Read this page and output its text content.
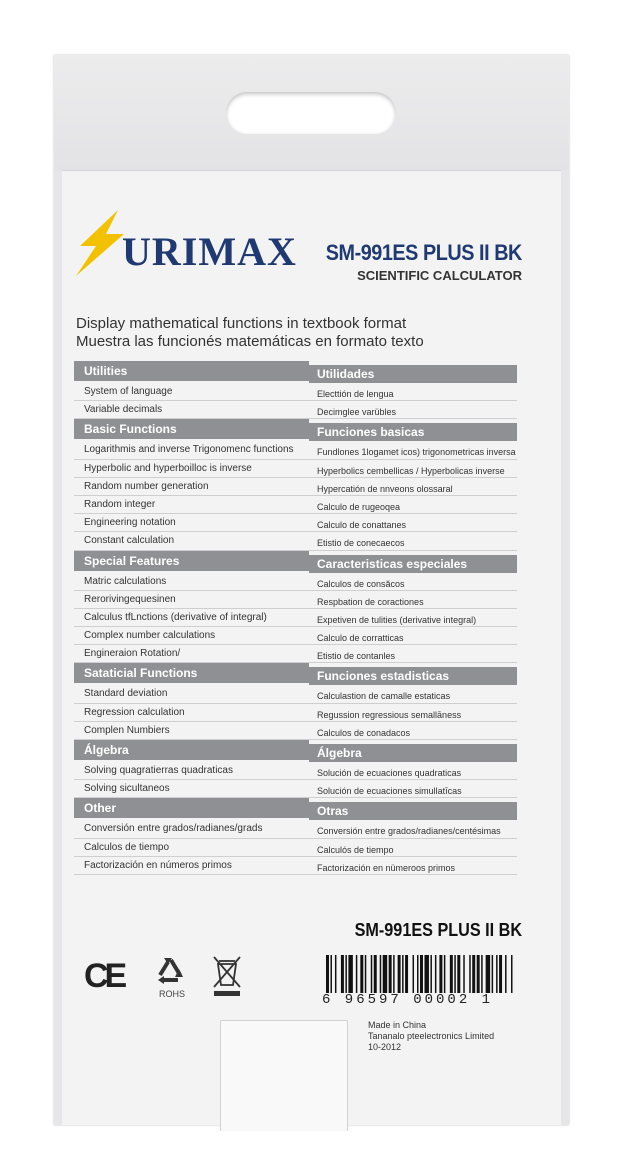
URIMAX SM-991ES PLUS II BK
SCIENTIFIC CALCULATOR
Display mathematical functions in textbook format
Muestra las funcionés matemáticas en formato texto
Utilities	Utilidades
System of language	Electtión de lengua
Variable decimals	Decimglee varübles
Basic Functions	Funciones basicas
Logarithmis and inverse Trigonomenc functions	Fundlones 1logamet icos) trigonometricas inversa
Hyperbolic and hyperboilloc is inverse	Hyperbolics cembellicas / Hyperbolicas inverse
Random number generation	Hypercatión de nnveons olossaral
Random integer	Calculo de rugeoqea
Engineering notation	Calculo de conattanes
Constant calculation	Etistio de conecaecos
Special Features	Caracteristicas especiales
Matric calculations	Calculos de consăcos
Rerorivingequesinen	Respbation de coractiones
Calculus tfLnctions (derivative of integral)	Expetiven de tulities (derivative integral)
Complex number calculations	Calculo de corratticas
Engineraion Rotation/	Etistio de contanles
Sataticial Functions	Funciones estadisticas
Standard deviation	Calculastion de camalle estaticas
Regression calculation	Regussion regressious semallāness
Complen Numbiers	Calculos de conadacos
Álgebra	Álgebra
Solving quagratierras quadraticas	Solución de ecuaciones quadraticas
Solving sicultaneos	Solución de ecuaciones simullatīcas
Other	Otras
Conversión entre grados/radianes/grads	Conversión entre grados/radianes/centésimas
Calculos de tiempo	Calculós de tiempo
Factorización en números primos	Factorización en nümeroos primos
SM-991ES PLUS II BK
CE	ROHS	6 96597 00002 1
Made in China
Tananalo pteelectronics Limited
10-2012
